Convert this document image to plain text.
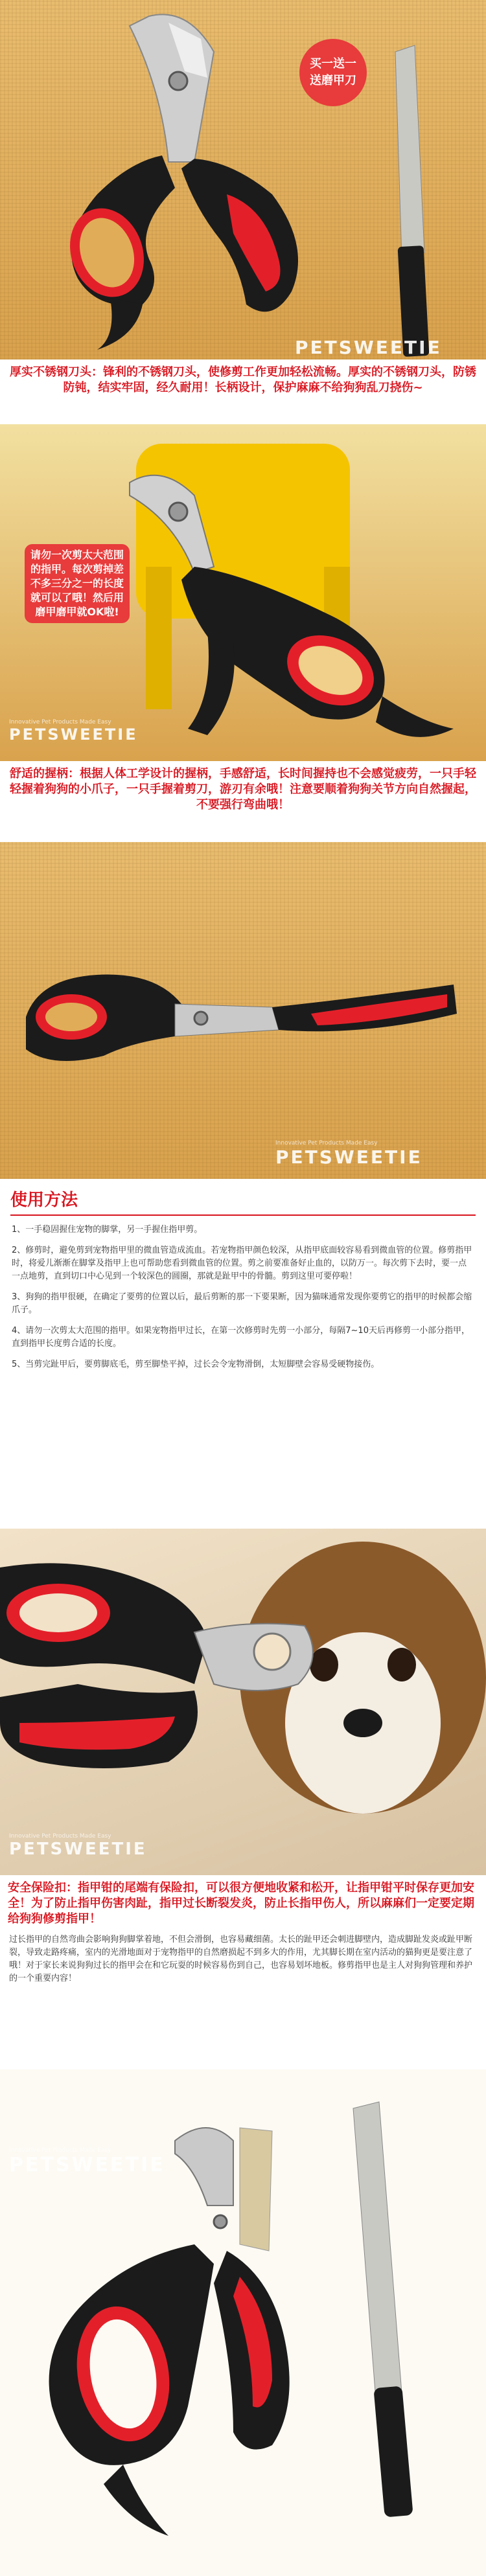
买一送一
送磨甲刀
PETSWEETIE
厚实不锈钢刀头：锋利的不锈钢刀头，使修剪工作更加轻松流畅。厚实的不锈钢刀头，防锈防钝，结实牢固，经久耐用！长柄设计，保护麻麻不给狗狗乱刀挠伤~
请勿一次剪太大范围的指甲。每次剪掉差不多三分之一的长度就可以了哦！然后用磨甲磨甲就OK啦!
Innovative Pet Products Made Easy
PETSWEETIE
舒适的握柄：根据人体工学设计的握柄，手感舒适，长时间握持也不会感觉疲劳，一只手轻轻握着狗狗的小爪子，一只手握着剪刀，游刃有余哦！注意要顺着狗狗关节方向自然握起，不要强行弯曲哦！
Innovative Pet Products Made Easy
PETSWEETIE
使用方法

1、一手稳固握住宠物的脚掌，另一手握住指甲剪。

2、修剪时，避免剪到宠物指甲里的微血管造成流血。若宠物指甲颜色较深，从指甲底面较容易看到微血管的位置。修剪指甲时，将爱儿渐渐在脚掌及指甲上也可帮助您看到微血管的位置。剪之前要准备好止血的，以防万一。每次剪下去时，要一点一点地剪，直到切口中心见到一个较深色的圆圈，那就是趾甲中的骨髓。剪到这里可要停啦！

3、狗狗的指甲很硬，在确定了要剪的位置以后，最后剪断的那一下要果断，因为猫咪通常发现你要剪它的指甲的时候都会缩爪子。

4、请勿一次剪太大范围的指甲。如果宠物指甲过长，在第一次修剪时先剪一小部分，每隔7~10天后再修剪一小部分指甲，直到指甲长度剪合适的长度。

5、当剪完趾甲后，要剪脚底毛，剪至脚垫平掉，过长会令宠物滑倒，太短脚壁会容易受硬物接伤。

Innovative Pet Products Made Easy
PETSWEETIE
安全保险扣：指甲钳的尾端有保险扣，可以很方便地收紧和松开，让指甲钳平时保存更加安全！为了防止指甲伤害肉趾，指甲过长断裂发炎，防止长指甲伤人，所以麻麻们一定要定期给狗狗修剪指甲！
过长指甲的自然弯曲会影响狗狗脚掌着地，不但会滑倒，也容易藏细菌。太长的趾甲还会刺进脚壁内，造成脚趾发炎或趾甲断裂，导致走路疼痛，室内的光滑地面对于宠物指甲的自然磨损起不到多大的作用，尤其脚长期在室内活动的猫狗更是要注意了哦！对于家长来说狗狗过长的指甲会在和它玩耍的时候容易伤到自己，也容易划坏地板。修剪指甲也是主人对狗狗管理和养护的一个重要内容！
Innovative Pet Products Made Easy
PETSWEETIE
